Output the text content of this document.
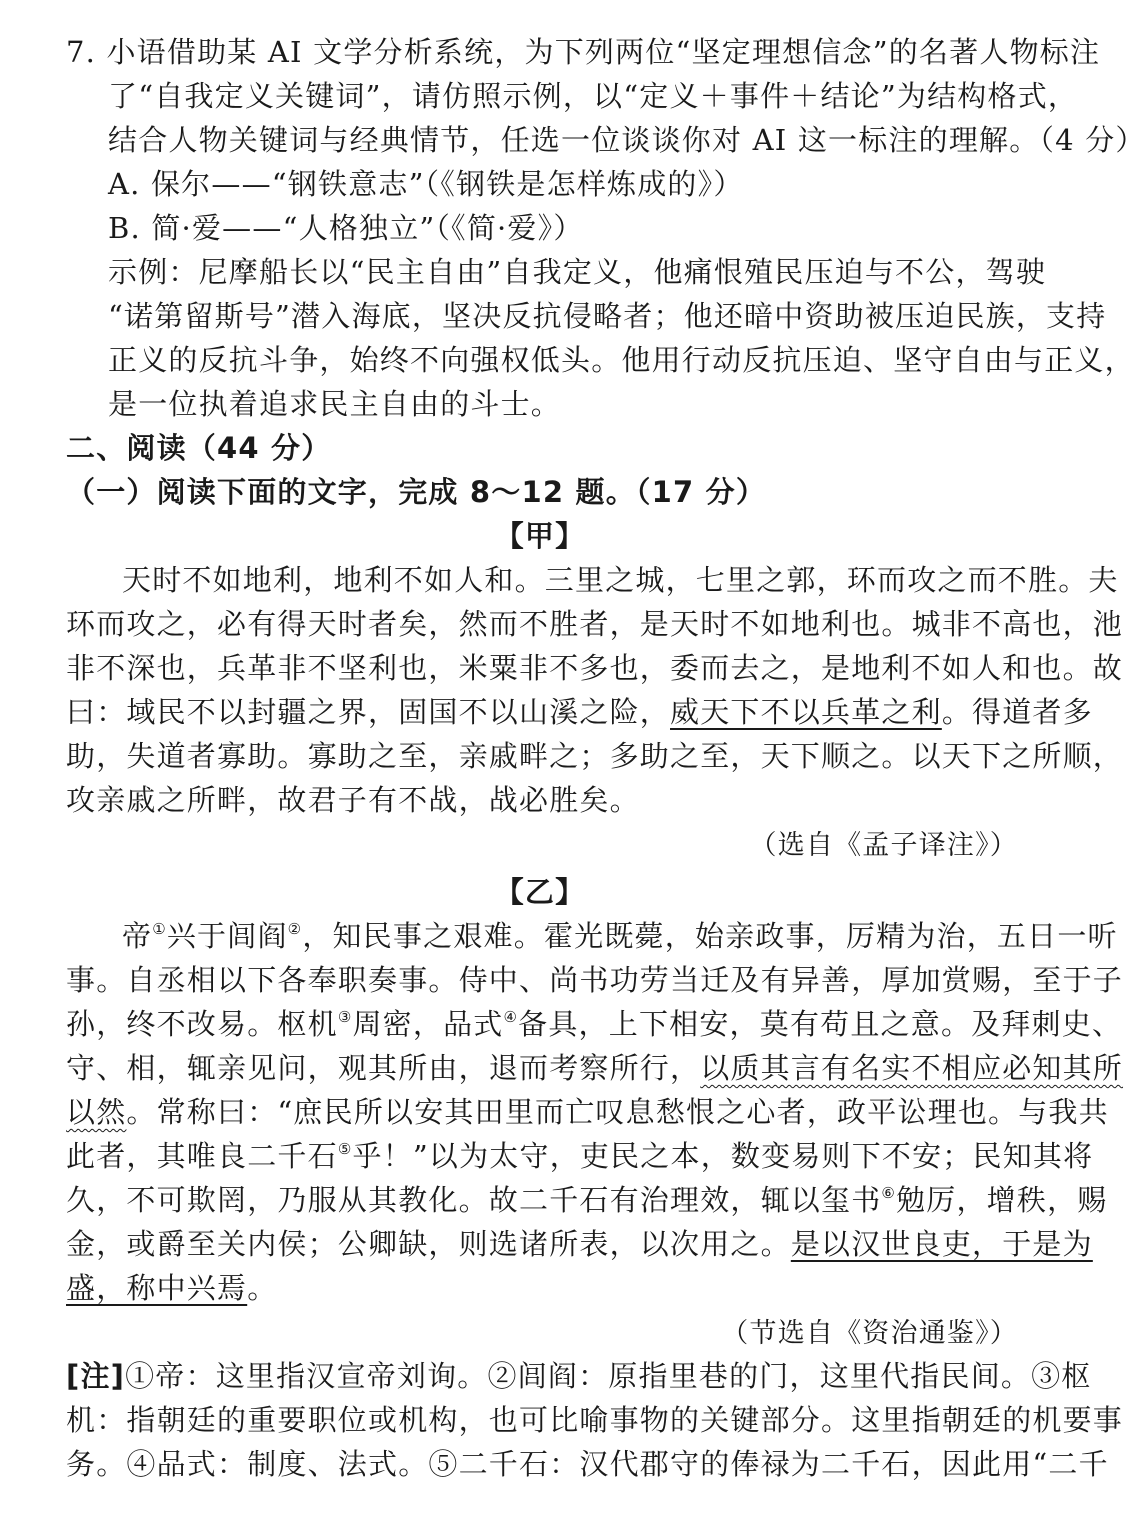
7. 小语借助某 AI 文学分析系统，为下列两位“坚定理想信念”的名著人物标注
了“自我定义关键词”，请仿照示例，以“定义＋事件＋结论”为结构格式，
结合人物关键词与经典情节，任选一位谈谈你对 AI 这一标注的理解。（4 分）
A. 保尔——“钢铁意志”（《钢铁是怎样炼成的》）
B. 简·爱——“人格独立”（《简·爱》）
示例：尼摩船长以“民主自由”自我定义，他痛恨殖民压迫与不公，驾驶
“诺第留斯号”潜入海底，坚决反抗侵略者；他还暗中资助被压迫民族，支持
正义的反抗斗争，始终不向强权低头。他用行动反抗压迫、坚守自由与正义，
是一位执着追求民主自由的斗士。
二、阅读（44 分）
（一）阅读下面的文字，完成 8～12 题。（17 分）
【甲】
天时不如地利，地利不如人和。三里之城，七里之郭，环而攻之而不胜。夫
环而攻之，必有得天时者矣，然而不胜者，是天时不如地利也。城非不高也，池
非不深也，兵革非不坚利也，米粟非不多也，委而去之，是地利不如人和也。故
曰：域民不以封疆之界，固国不以山溪之险，威天下不以兵革之利。得道者多
助，失道者寡助。寡助之至，亲戚畔之；多助之至，天下顺之。以天下之所顺，
攻亲戚之所畔，故君子有不战，战必胜矣。
（选自《孟子译注》）
【乙】
帝①兴于闾阎②，知民事之艰难。霍光既薨，始亲政事，厉精为治，五日一听
事。自丞相以下各奉职奏事。侍中、尚书功劳当迁及有异善，厚加赏赐，至于子
孙，终不改易。枢机③周密，品式④备具，上下相安，莫有苟且之意。及拜刺史、
守、相，辄亲见问，观其所由，退而考察所行，以质其言有名实不相应必知其所
以然。常称曰：“庶民所以安其田里而亡叹息愁恨之心者，政平讼理也。与我共
此者，其唯良二千石⑤乎！”以为太守，吏民之本，数变易则下不安；民知其将
久，不可欺罔，乃服从其教化。故二千石有治理效，辄以玺书⑥勉厉，增秩，赐
金，或爵至关内侯；公卿缺，则选诸所表，以次用之。是以汉世良吏，于是为
盛，称中兴焉。
（节选自《资治通鉴》）
[注]①帝：这里指汉宣帝刘询。②闾阎：原指里巷的门，这里代指民间。③枢
机：指朝廷的重要职位或机构，也可比喻事物的关键部分。这里指朝廷的机要事
务。④品式：制度、法式。⑤二千石：汉代郡守的俸禄为二千石，因此用“二千
